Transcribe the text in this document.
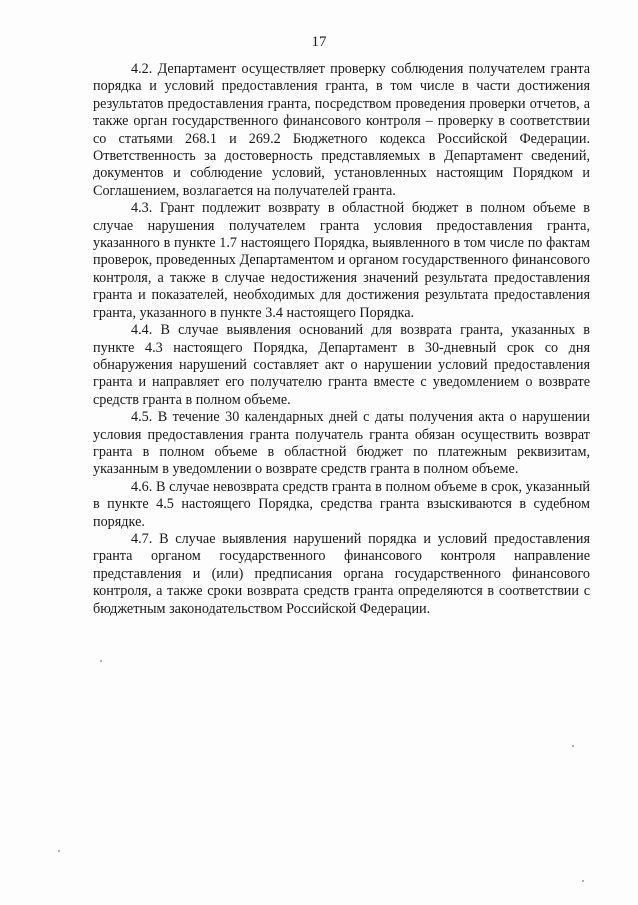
17

4.2. Департамент осуществляет проверку соблюдения получателем гранта порядка и условий предоставления гранта, в том числе в части достижения результатов предоставления гранта, посредством проведения проверки отчетов, а также орган государственного финансового контроля – проверку в соответствии со статьями 268.1 и 269.2 Бюджетного кодекса Российской Федерации. Ответственность за достоверность представляемых в Департамент сведений, документов и соблюдение условий, установленных настоящим Порядком и Соглашением, возлагается на получателей гранта.

4.3. Грант подлежит возврату в областной бюджет в полном объеме в случае нарушения получателем гранта условия предоставления гранта, указанного в пункте 1.7 настоящего Порядка, выявленного в том числе по фактам проверок, проведенных Департаментом и органом государственного финансового контроля, а также в случае недостижения значений результата предоставления гранта и показателей, необходимых для достижения результата предоставления гранта, указанного в пункте 3.4 настоящего Порядка.

4.4. В случае выявления оснований для возврата гранта, указанных в пункте 4.3 настоящего Порядка, Департамент в 30-дневный срок со дня обнаружения нарушений составляет акт о нарушении условий предоставления гранта и направляет его получателю гранта вместе с уведомлением о возврате средств гранта в полном объеме.

4.5. В течение 30 календарных дней с даты получения акта о нарушении условия предоставления гранта получатель гранта обязан осуществить возврат гранта в полном объеме в областной бюджет по платежным реквизитам, указанным в уведомлении о возврате средств гранта в полном объеме.

4.6. В случае невозврата средств гранта в полном объеме в срок, указанный в пункте 4.5 настоящего Порядка, средства гранта взыскиваются в судебном порядке.

4.7. В случае выявления нарушений порядка и условий предоставления гранта органом государственного финансового контроля направление представления и (или) предписания органа государственного финансового контроля, а также сроки возврата средств гранта определяются в соответствии с бюджетным законодательством Российской Федерации.
